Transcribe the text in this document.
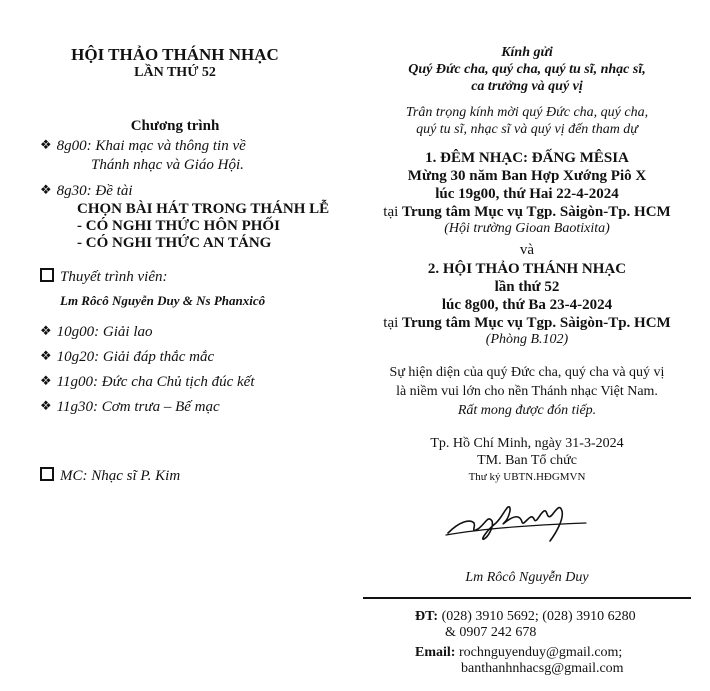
HỘI THẢO THÁNH NHẠC
LẦN THỨ 52
Chương trình
❖ 8g00: Khai mạc và thông tin về
Thánh nhạc và Giáo Hội.
❖ 8g30: Đề tài
CHỌN BÀI HÁT TRONG THÁNH LỄ
- CÓ NGHI THỨC HÔN PHỐI
- CÓ NGHI THỨC AN TÁNG
Thuyết trình viên:
Lm Rôcô Nguyễn Duy & Ns Phanxicô
❖ 10g00: Giải lao
❖ 10g20: Giải đáp thắc mắc
❖ 11g00: Đức cha Chủ tịch đúc kết
❖ 11g30: Cơm trưa – Bế mạc
MC: Nhạc sĩ P. Kim
Kính gửi
Quý Đức cha, quý cha, quý tu sĩ, nhạc sĩ,
ca trưởng và quý vị
Trân trọng kính mời quý Đức cha, quý cha,
quý tu sĩ, nhạc sĩ và quý vị đến tham dự
1. ĐÊM NHẠC: ĐẤNG MÊSIA
Mừng 30 năm Ban Hợp Xướng Piô X
lúc 19g00, thứ Hai 22-4-2024
tại Trung tâm Mục vụ Tgp. Sàigòn-Tp. HCM
(Hội trường Gioan Baotixita)
và
2. HỘI THẢO THÁNH NHẠC
lần thứ 52
lúc 8g00, thứ Ba 23-4-2024
tại Trung tâm Mục vụ Tgp. Sàigòn-Tp. HCM
(Phòng B.102)
Sự hiện diện của quý Đức cha, quý cha và quý vị
là niềm vui lớn cho nền Thánh nhạc Việt Nam.
Rất mong được đón tiếp.
Tp. Hồ Chí Minh, ngày 31-3-2024
TM. Ban Tổ chức
Thư ký UBTN.HĐGMVN
Lm Rôcô Nguyễn Duy
ĐT: (028) 3910 5692; (028) 3910 6280
& 0907 242 678
Email: rochnguyenduy@gmail.com;
banthanhnhacsg@gmail.com
